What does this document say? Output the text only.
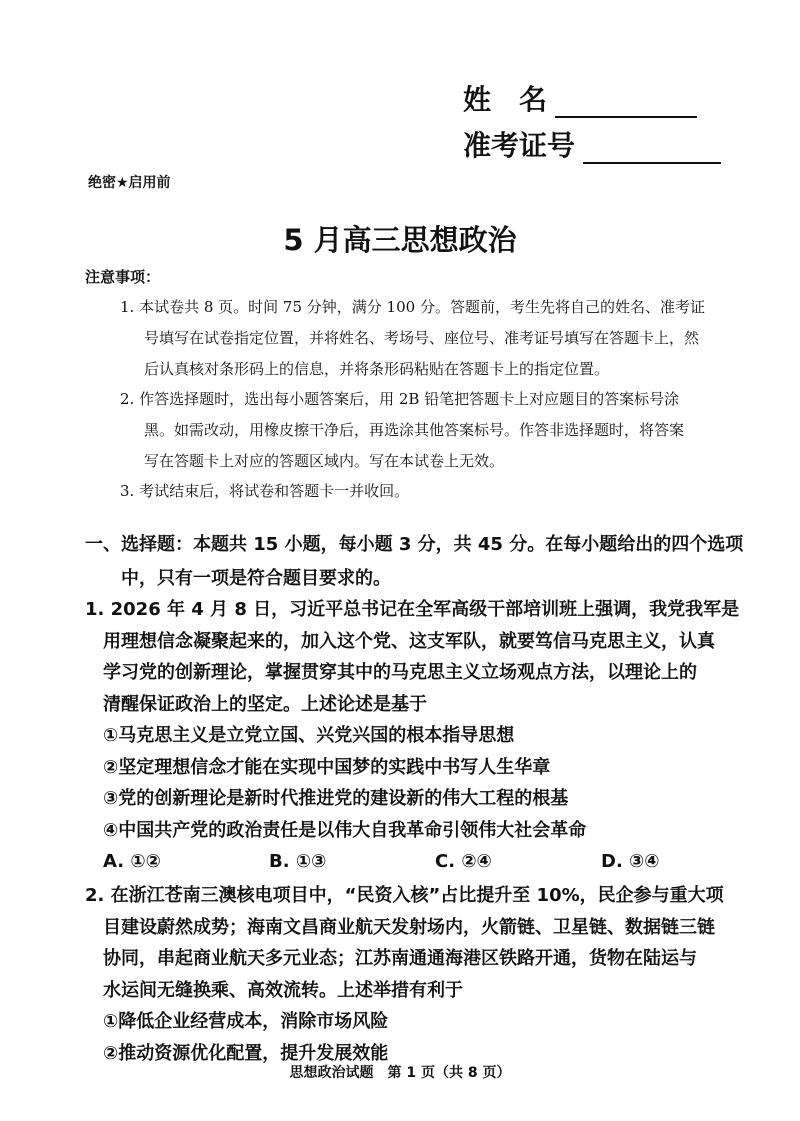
姓　名
准考证号
绝密★启用前
5 月高三思想政治
注意事项：
1. 本试卷共 8 页。时间 75 分钟，满分 100 分。答题前，考生先将自己的姓名、准考证
号填写在试卷指定位置，并将姓名、考场号、座位号、准考证号填写在答题卡上，然
后认真核对条形码上的信息，并将条形码粘贴在答题卡上的指定位置。
2. 作答选择题时，选出每小题答案后，用 2B 铅笔把答题卡上对应题目的答案标号涂
黑。如需改动，用橡皮擦干净后，再选涂其他答案标号。作答非选择题时，将答案
写在答题卡上对应的答题区域内。写在本试卷上无效。
3. 考试结束后，将试卷和答题卡一并收回。
一、选择题：本题共 15 小题，每小题 3 分，共 45 分。在每小题给出的四个选项
中，只有一项是符合题目要求的。
1. 2026 年 4 月 8 日，习近平总书记在全军高级干部培训班上强调，我党我军是
用理想信念凝聚起来的，加入这个党、这支军队，就要笃信马克思主义，认真
学习党的创新理论，掌握贯穿其中的马克思主义立场观点方法，以理论上的
清醒保证政治上的坚定。上述论述是基于
①马克思主义是立党立国、兴党兴国的根本指导思想
②坚定理想信念才能在实现中国梦的实践中书写人生华章
③党的创新理论是新时代推进党的建设新的伟大工程的根基
④中国共产党的政治责任是以伟大自我革命引领伟大社会革命
A. ①②	B. ①③	C. ②④	D. ③④
2. 在浙江苍南三澳核电项目中，“民资入核”占比提升至 10%，民企参与重大项
目建设蔚然成势；海南文昌商业航天发射场内，火箭链、卫星链、数据链三链
协同，串起商业航天多元业态；江苏南通通海港区铁路开通，货物在陆运与
水运间无缝换乘、高效流转。上述举措有利于
①降低企业经营成本，消除市场风险
②推动资源优化配置，提升发展效能
思想政治试题　第 1 页（共 8 页）
